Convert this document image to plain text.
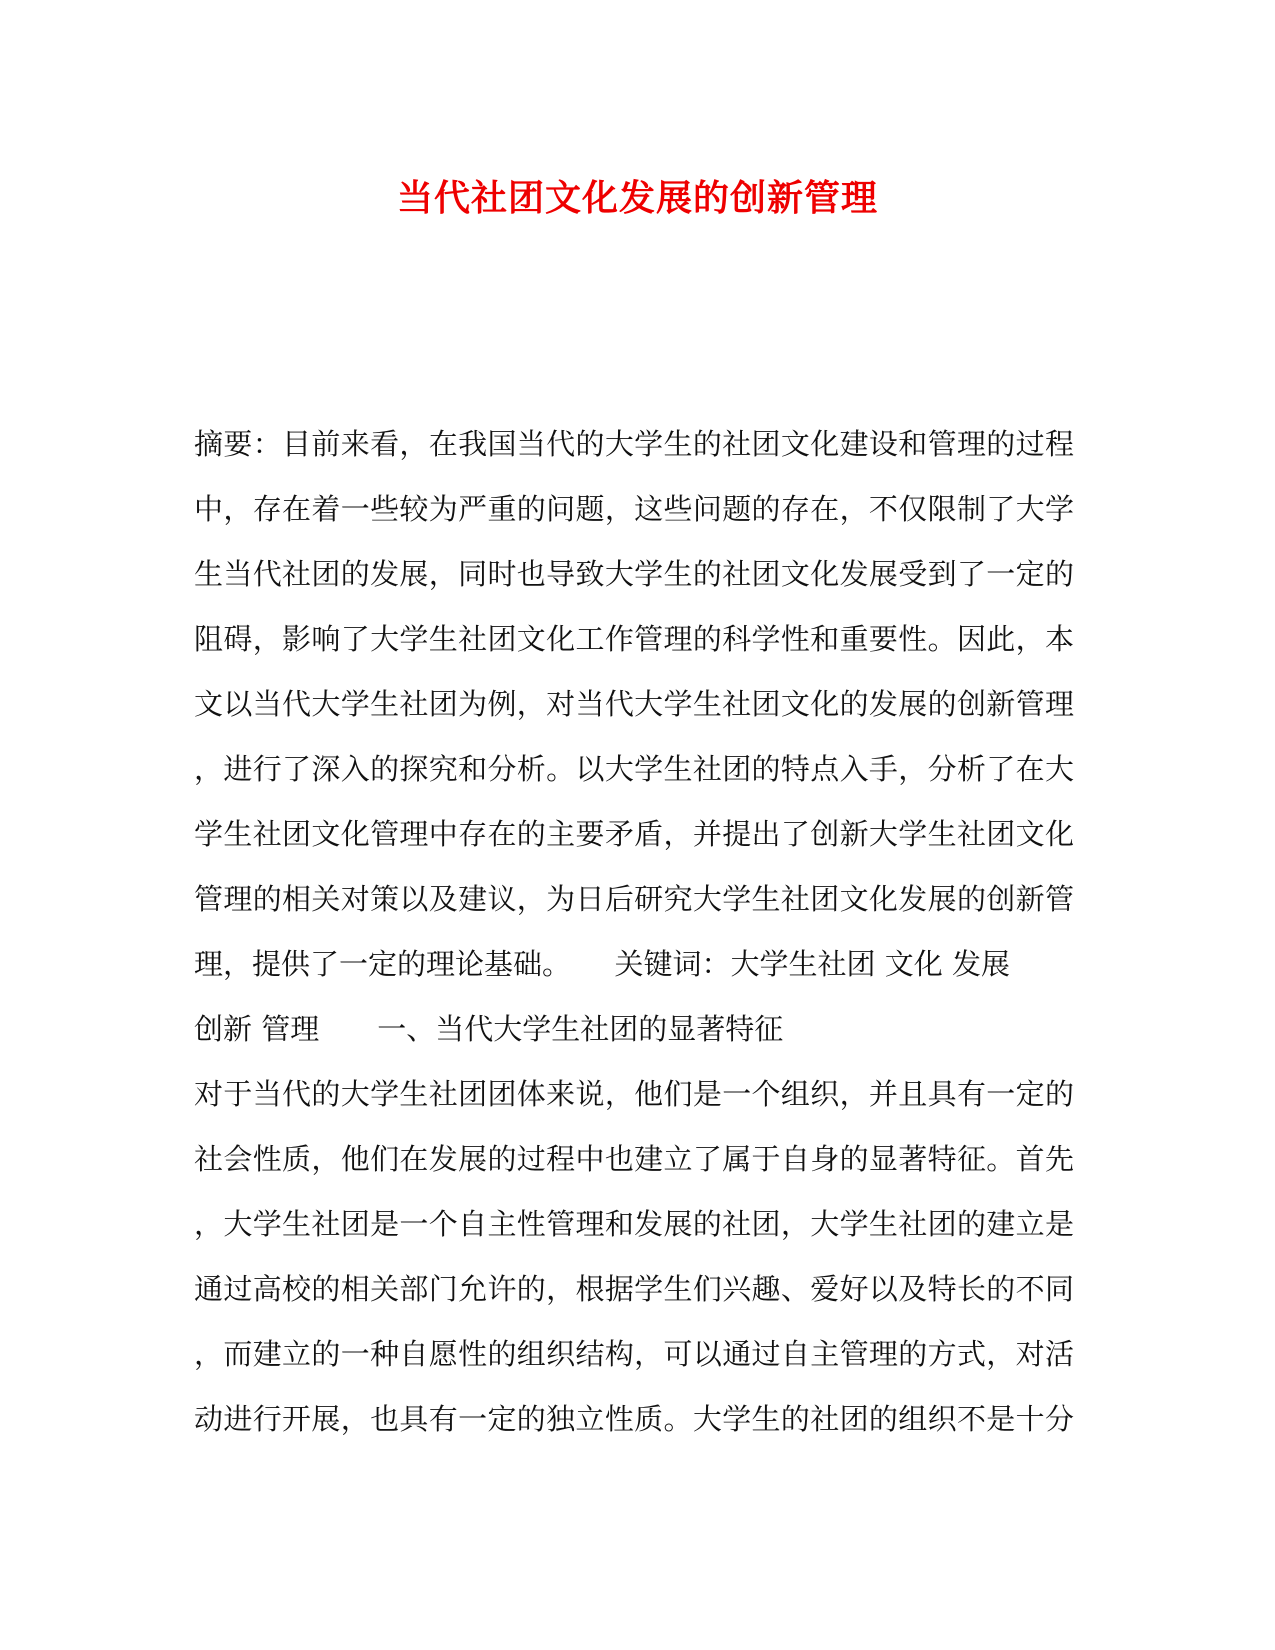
当代社团文化发展的创新管理
摘要：目前来看，在我国当代的大学生的社团文化建设和管理的过程
中，存在着一些较为严重的问题，这些问题的存在，不仅限制了大学
生当代社团的发展，同时也导致大学生的社团文化发展受到了一定的
阻碍，影响了大学生社团文化工作管理的科学性和重要性。因此，本
文以当代大学生社团为例，对当代大学生社团文化的发展的创新管理
，进行了深入的探究和分析。以大学生社团的特点入手，分析了在大
学生社团文化管理中存在的主要矛盾，并提出了创新大学生社团文化
管理的相关对策以及建议，为日后研究大学生社团文化发展的创新管
理，提供了一定的理论基础。　　关键词：大学生社团 文化 发展
创新 管理　　一、当代大学生社团的显著特征
对于当代的大学生社团团体来说，他们是一个组织，并且具有一定的
社会性质，他们在发展的过程中也建立了属于自身的显著特征。首先
，大学生社团是一个自主性管理和发展的社团，大学生社团的建立是
通过高校的相关部门允许的，根据学生们兴趣、爱好以及特长的不同
，而建立的一种自愿性的组织结构，可以通过自主管理的方式，对活
动进行开展，也具有一定的独立性质。大学生的社团的组织不是十分
